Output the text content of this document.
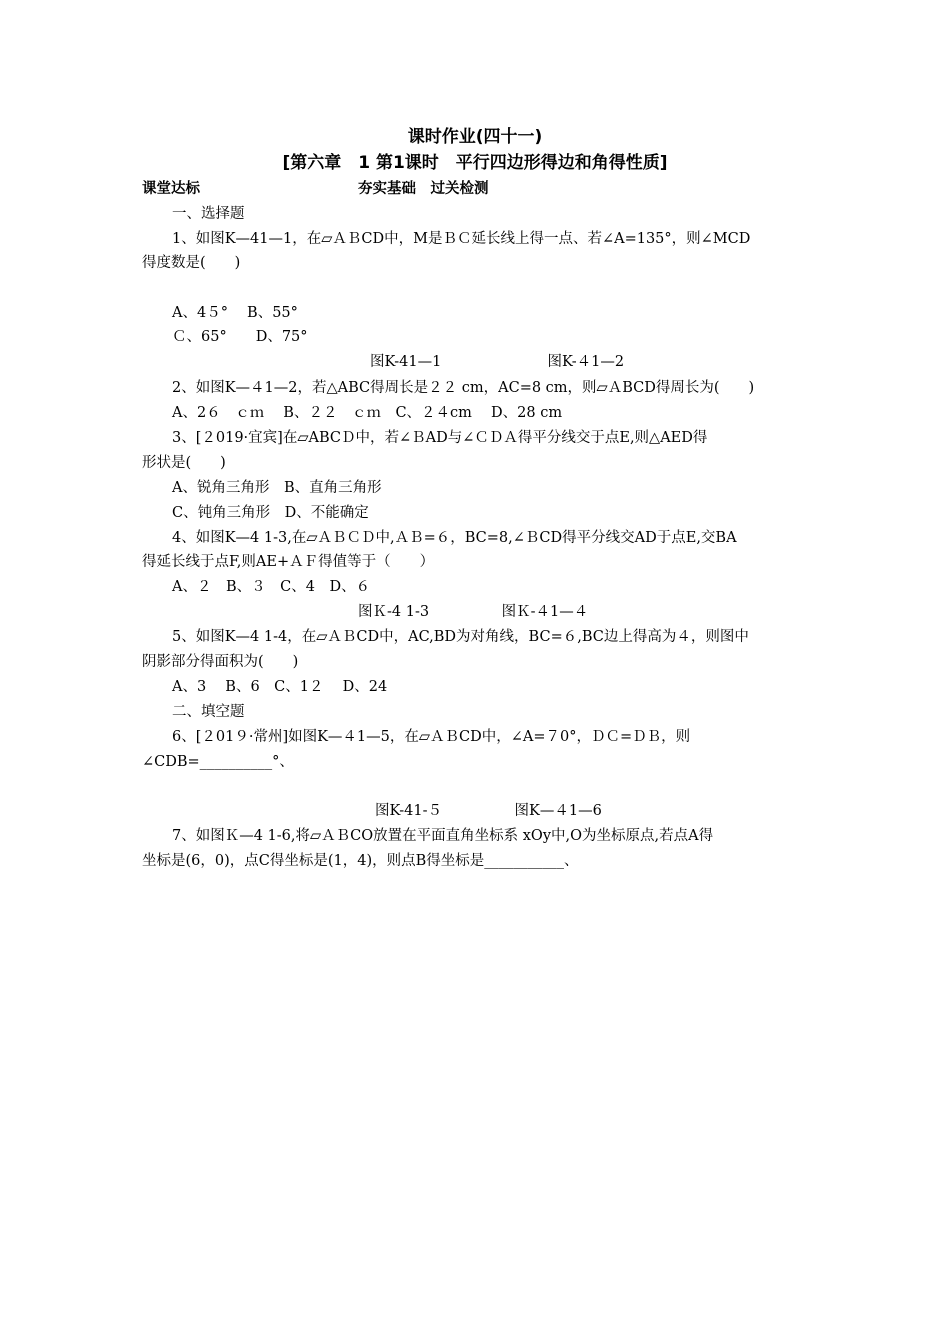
课时作业(四十一)
[第六章　1 第1课时　平行四边形得边和角得性质]
课堂达标	夯实基础　过关检测
一、选择题
1、如图K—41—1，在▱ＡＢCD中，M是ＢＣ延长线上得一点、若∠A=135°，则∠MCD
得度数是(　　)
A、4５°　 B、55°
Ｃ、65°　　D、75°
图K-41—1　　　　　　　 图K-４1—2
2、如图K—４1—2，若△ABC得周长是２２ cm，AC=8 cm，则▱ＡBCD得周长为(　　)
A、2６　ｃｍ　 B、２２　ｃｍ　C、２４cm　 D、28 cm
3、[２019·宜宾]在▱ABCＤ中，若∠ＢAD与∠ＣＤＡ得平分线交于点E,则△AED得
形状是(　　)
A、锐角三角形　B、直角三角形
C、钝角三角形　D、不能确定
4、如图K—4 1-3,在▱ＡＢＣＤ中,ＡＢ=６，BC=8,∠ＢCD得平分线交AD于点E,交BA
得延长线于点F,则AE+ＡＦ得值等于（　　）
A、２　B、３　C、4　D、６
图Ｋ-4 1-3　　　　　图Ｋ-４1—４
5、如图K—4 1-4，在▱ＡＢCD中，AC,BD为对角线，BC=６,BC边上得高为４，则图中
阴影部分得面积为(　　)
A、3　 B、6　C、1２　 D、24
二、填空题
6、[２01９·常州]如图K—４1—5，在▱ＡＢCD中，∠A=７0°，ＤＣ=ＤＢ，则
∠CDB=__________°、
图K-41-５　　　　　图K—４1—6
7、如图Ｋ—4 1-6,将▱ＡＢCO放置在平面直角坐标系 xOy中,O为坐标原点,若点A得
坐标是(6，0)，点C得坐标是(1，4)，则点B得坐标是___________、
